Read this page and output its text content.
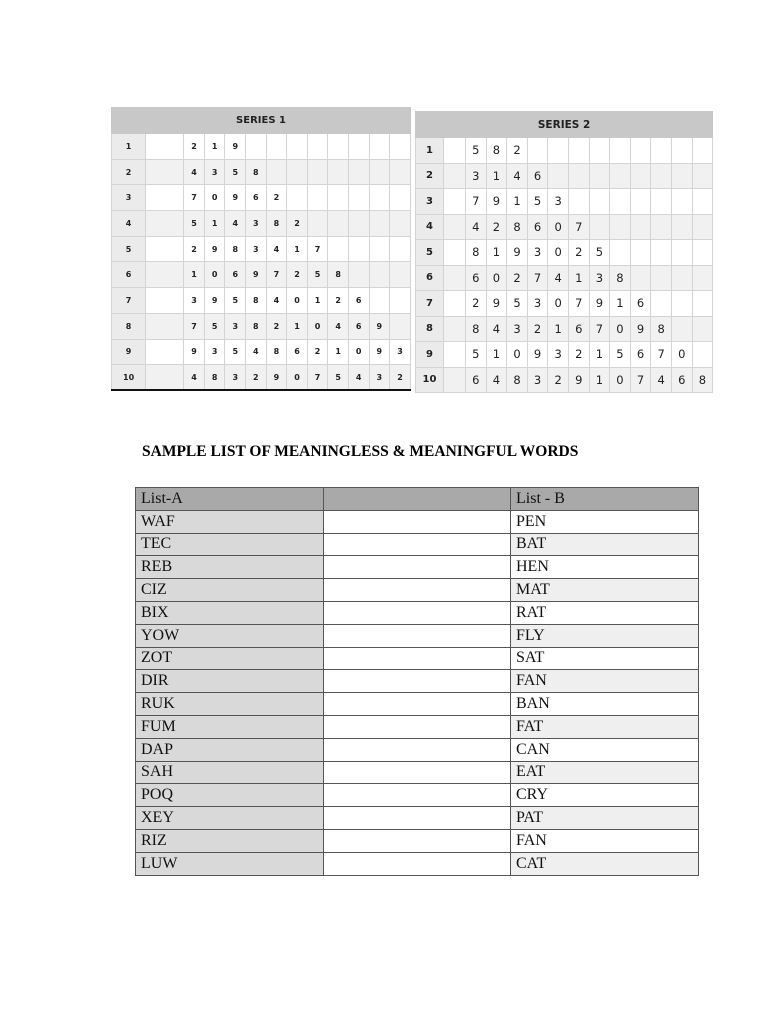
SERIES 1												
1		2	1	9								
2		4	3	5	8							
3		7	0	9	6	2						
4		5	1	4	3	8	2					
5		2	9	8	3	4	1	7				
6		1	0	6	9	7	2	5	8			
7		3	9	5	8	4	0	1	2	6		
8		7	5	3	8	2	1	0	4	6	9	
9		9	3	5	4	8	6	2	1	0	9	3
10		4	8	3	2	9	0	7	5	4	3	2
SERIES 2													
1		5	8	2									
2		3	1	4	6								
3		7	9	1	5	3							
4		4	2	8	6	0	7						
5		8	1	9	3	0	2	5					
6		6	0	2	7	4	1	3	8				
7		2	9	5	3	0	7	9	1	6			
8		8	4	3	2	1	6	7	0	9	8		
9		5	1	0	9	3	2	1	5	6	7	0	
10		6	4	8	3	2	9	1	0	7	4	6	8
SAMPLE LIST OF MEANINGLESS & MEANINGFUL WORDS
List-A		List - B
WAF		PEN
TEC		BAT
REB		HEN
CIZ		MAT
BIX		RAT
YOW		FLY
ZOT		SAT
DIR		FAN
RUK		BAN
FUM		FAT
DAP		CAN
SAH		EAT
POQ		CRY
XEY		PAT
RIZ		FAN
LUW		CAT
